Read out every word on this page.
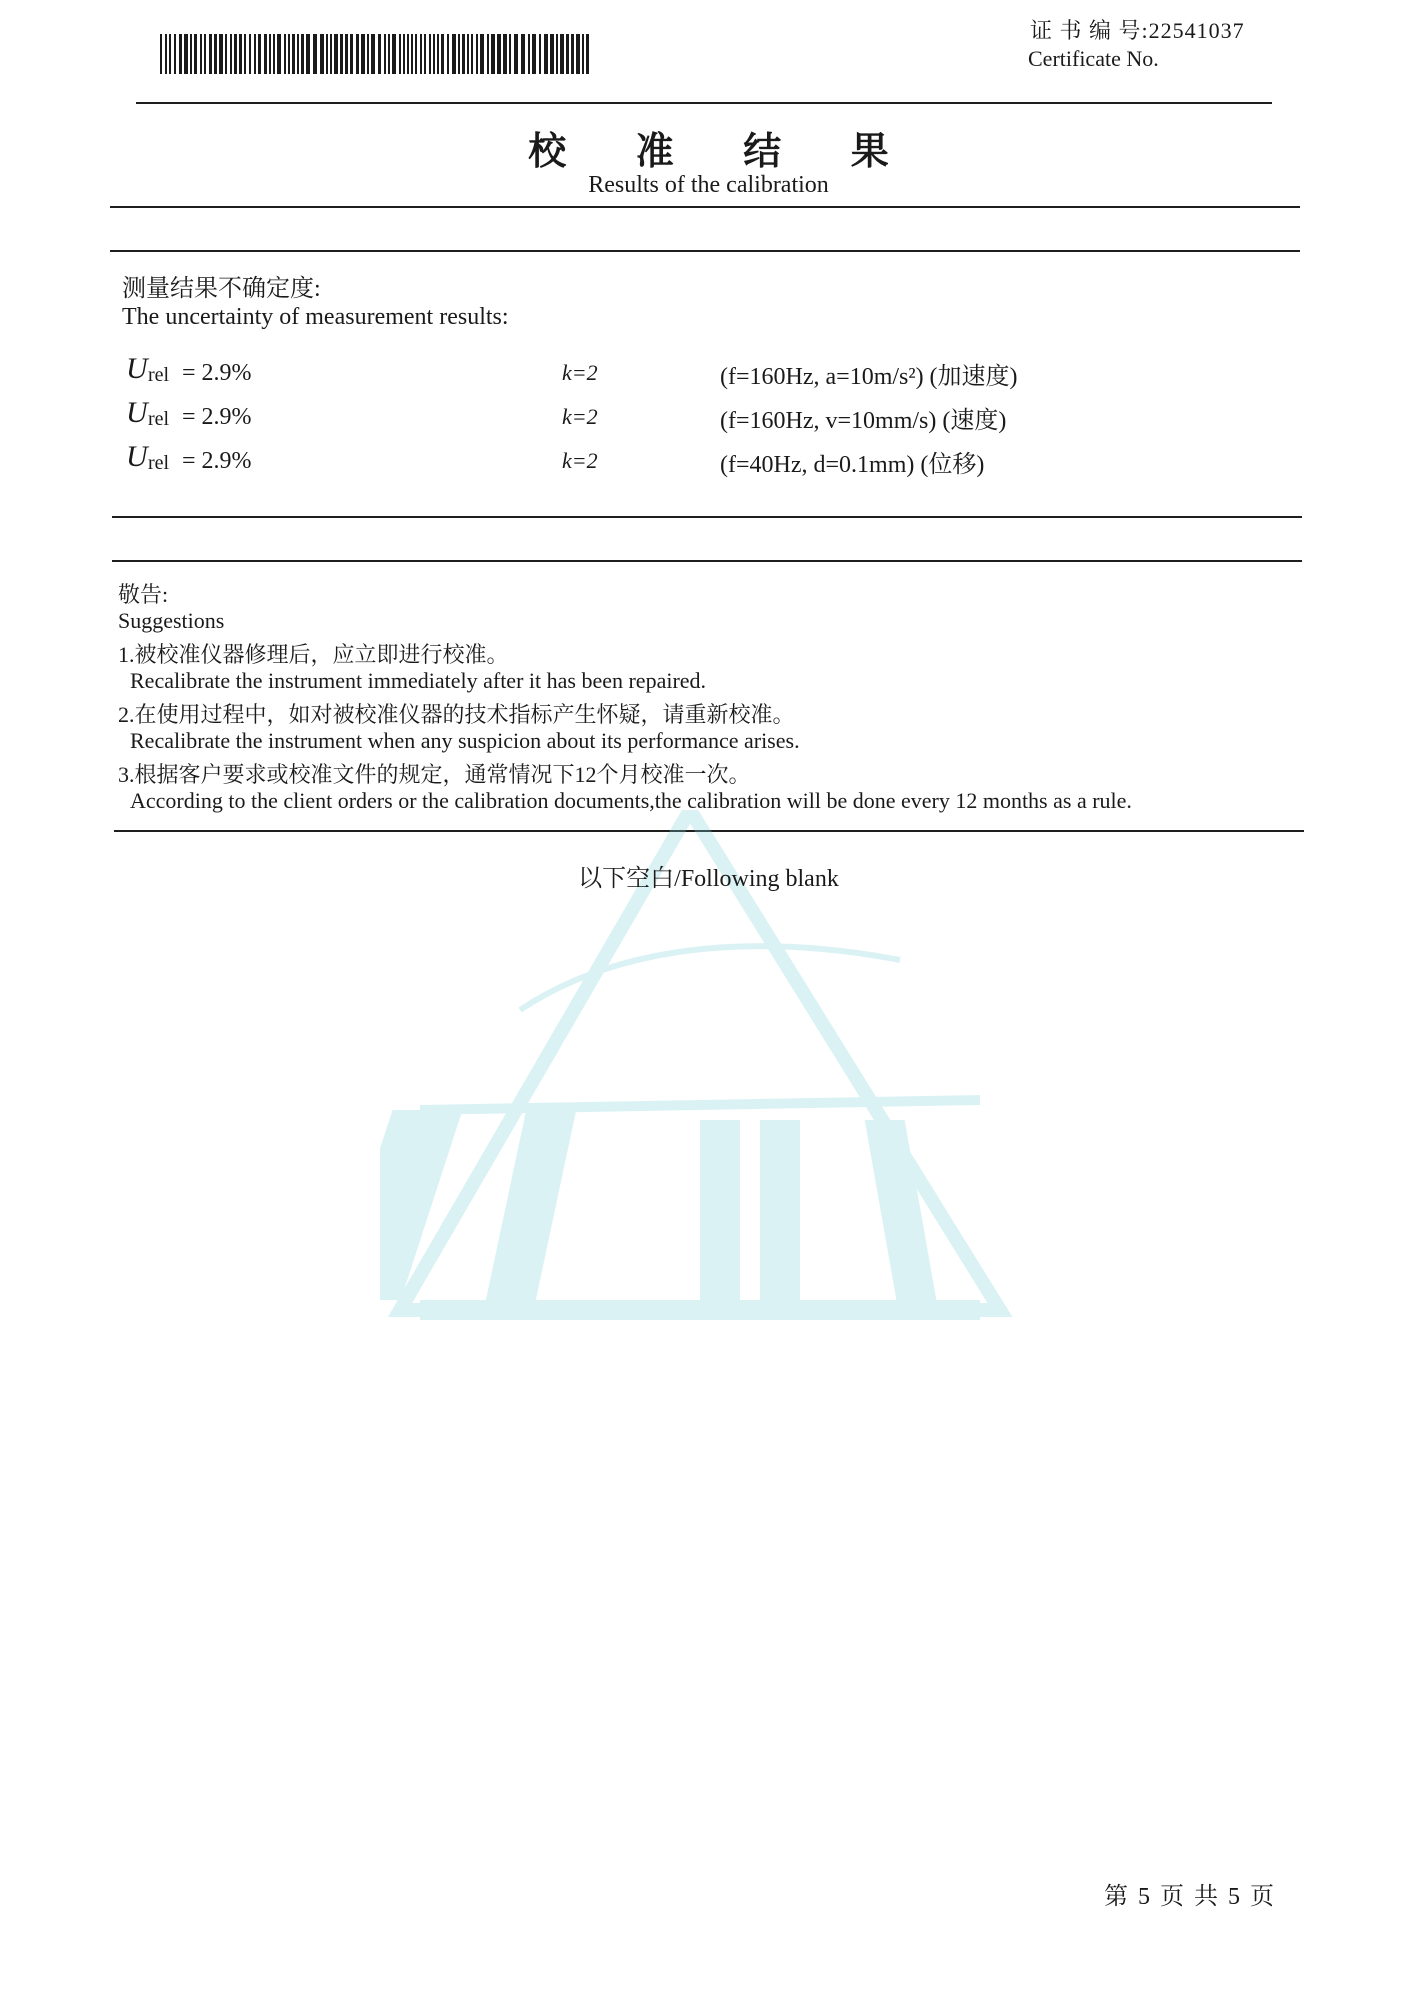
证 书 编 号:22541037
Certificate No.
校 准 结 果
Results of the calibration
测量结果不确定度:
The uncertainty of measurement results:
U rel = 2.9%	k=2	(f=160Hz, a=10m/s²) (加速度)
U rel = 2.9%	k=2	(f=160Hz, v=10mm/s) (速度)
U rel = 2.9%	k=2	(f=40Hz, d=0.1mm) (位移)
敬告:
Suggestions
1.被校准仪器修理后，应立即进行校准。
Recalibrate the instrument immediately after it has been repaired.
2.在使用过程中，如对被校准仪器的技术指标产生怀疑，请重新校准。
Recalibrate the instrument when any suspicion about its performance arises.
3.根据客户要求或校准文件的规定，通常情况下12个月校准一次。
According to the client orders or the calibration documents,the calibration will be done every 12 months as a rule.
以下空白/Following blank
第 5 页 共 5 页
